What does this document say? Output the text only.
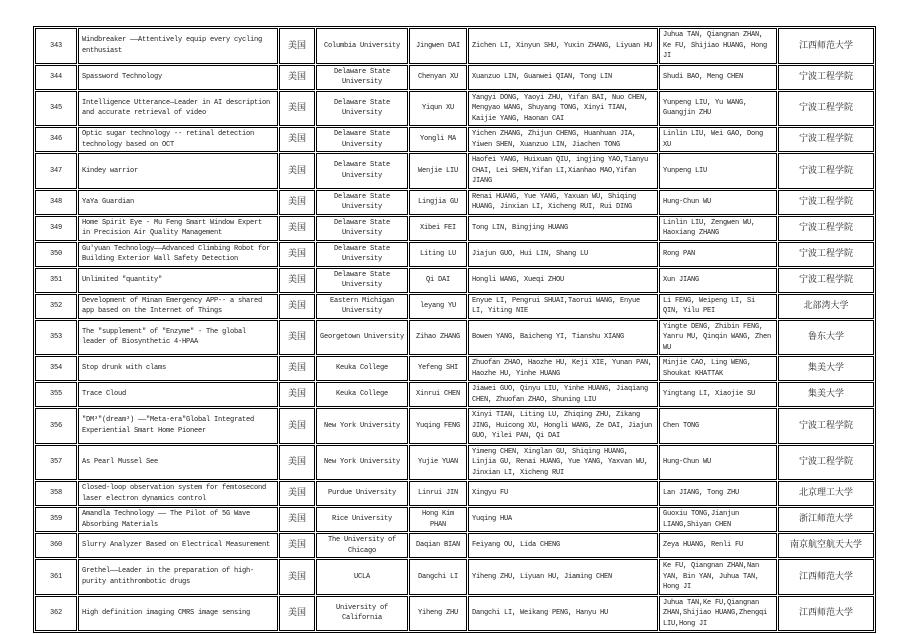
343	Windbreaker ——Attentively equip every cycling enthusiast	美国	Columbia University	Jingwen DAI	Zichen LI, Xinyun SHU, Yuxin ZHANG, Liyuan HU	Juhua TAN, Qiangnan ZHAN, Ke FU, Shijiao HUANG, Hong JI	江西师范大学
344	Spassword Technology	美国	Delaware State University	Chenyan XU	Xuanzuo LIN, Guanwei QIAN, Tong LIN	Shudi BAO, Meng CHEN	宁波工程学院
345	Intelligence Utterance—Leader in AI description and accurate retrieval of video	美国	Delaware State University	Yiqun XU	Yangyi DONG, Yaoyi ZHU, Yifan BAI, Nuo CHEN, Mengyao WANG, Shuyang TONG, Xinyi TIAN, Kaijie YANG, Haonan CAI	Yunpeng LIU, Yu WANG, Guangjin ZHU	宁波工程学院
346	Optic sugar technology -- retinal detection technology based on OCT	美国	Delaware State University	Yongli MA	Yichen ZHANG, Zhijun CHENG, Huanhuan JIA, Yiwen SHEN, Xuanzuo LIN, Jiachen TONG	Linlin LIU, Wei GAO, Dong XU	宁波工程学院
347	Kindey warrior	美国	Delaware State University	Wenjie LIU	Haofei YANG, Huixuan QIU, ingjing YAO,Tianyu CHAI, Lei SHEN,Yifan LI,Xianhao MAO,Yifan JIANG	Yunpeng LIU	宁波工程学院
348	YaYa Guardian	美国	Delaware State University	Lingjia GU	Renai HUANG, Yue YANG, Yaxuan WU, Shiqing HUANG, Jinxian LI, Xicheng RUI, Rui DING	Hung-Chun WU	宁波工程学院
349	Home Spirit Eye - Mu Feng Smart Window Expert in Precision Air Quality Management	美国	Delaware State University	Xibei FEI	Tong LIN, Bingjing HUANG	Linlin LIU, Zengwen WU, Haoxiang ZHANG	宁波工程学院
350	Gu'yuan Technology——Advanced Climbing Robot for Building Exterior Wall Safety Detection	美国	Delaware State University	Liting LU	Jiajun GUO, Hui LIN, Shang LU	Rong PAN	宁波工程学院
351	Unlimited "quantity"	美国	Delaware State University	Qi DAI	Hongli WANG, Xueqi ZHOU	Xun JIANG	宁波工程学院
352	Development of Minan Emergency APP-- a shared app based on the Internet of Things	美国	Eastern Michigan University	leyang YU	Enyue LI, Pengrui SHUAI,Taorui WANG, Enyue LI, Yiting NIE	Li FENG, Weipeng LI, Si QIN, Yilu PEI	北部湾大学
353	The "supplement" of "Enzyme" - The global leader of Biosynthetic 4-HPAA	美国	Georgetown University	Zihao ZHANG	Bowen YANG, Baicheng YI, Tianshu XIANG	Yingte DENG, Zhibin FENG, Yanru MU, Qinqin WANG, Zhen WU	鲁东大学
354	Stop drunk with clams	美国	Keuka College	Yefeng SHI	Zhuofan ZHAO, Haozhe HU, Keji XIE, Yunan PAN, Haozhe HU, Yinhe HUANG	Minjie CAO, Ling WENG, Shoukat KHATTAK	集美大学
355	Trace Cloud	美国	Keuka College	Xinrui CHEN	Jiawei GUO, Qinyu LIU, Yinhe HUANG, Jiaqiang CHEN, Zhuofan ZHAO, Shuning LIU	Yingtang LI, Xiaojie SU	集美大学
356	"DM³"(dream³) ——"Meta-era"Global Integrated Experiential Smart Home Pioneer	美国	New York University	Yuqing FENG	Xinyi TIAN, Liting LU, Zhiqing ZHU, Zikang JING, Huicong XU, Hongli WANG, Ze DAI, Jiajun GUO, Yilei PAN, Qi DAI	Chen TONG	宁波工程学院
357	As Pearl Mussel See	美国	New York University	Yujie YUAN	Yimeng CHEN, Xinglan GU, Shiqing HUANG, Linjia GU, Renai HUANG, Yue YANG, Yaxvan WU, Jinxian LI, Xicheng RUI	Hung-Chun WU	宁波工程学院
358	Closed-loop observation system for femtosecond laser electron dynamics control	美国	Purdue University	Linrui JIN	Xingyu FU	Lan JIANG, Tong ZHU	北京理工大学
359	Amandla Technology —— The Pilot of 5G Wave Absorbing Materials	美国	Rice University	Hong Kim PHAN	Yuqing HUA	Guoxiu TONG,Jianjun LIANG,Shiyan CHEN	浙江师范大学
360	Slurry Analyzer Based on Electrical Measurement	美国	The University of Chicago	Daqian BIAN	Feiyang OU, Lida CHENG	Zeya HUANG, Renli FU	南京航空航天大学
361	Grethel——Leader in the preparation of high-purity antithrombotic drugs	美国	UCLA	Dangchi LI	Yiheng ZHU, Liyuan HU, Jiaming CHEN	Ke FU, Qiangnan ZHAN,Nan YAN, Bin YAN, Juhua TAN, Hong JI	江西师范大学
362	High definition imaging CMRS image sensing	美国	University of California	Yiheng ZHU	Dangchi LI, Weikang PENG, Hanyu HU	Juhua TAN,Ke FU,Qiangnan ZHAN,Shijiao HUANG,Zhengqi LIU,Hong JI	江西师范大学
